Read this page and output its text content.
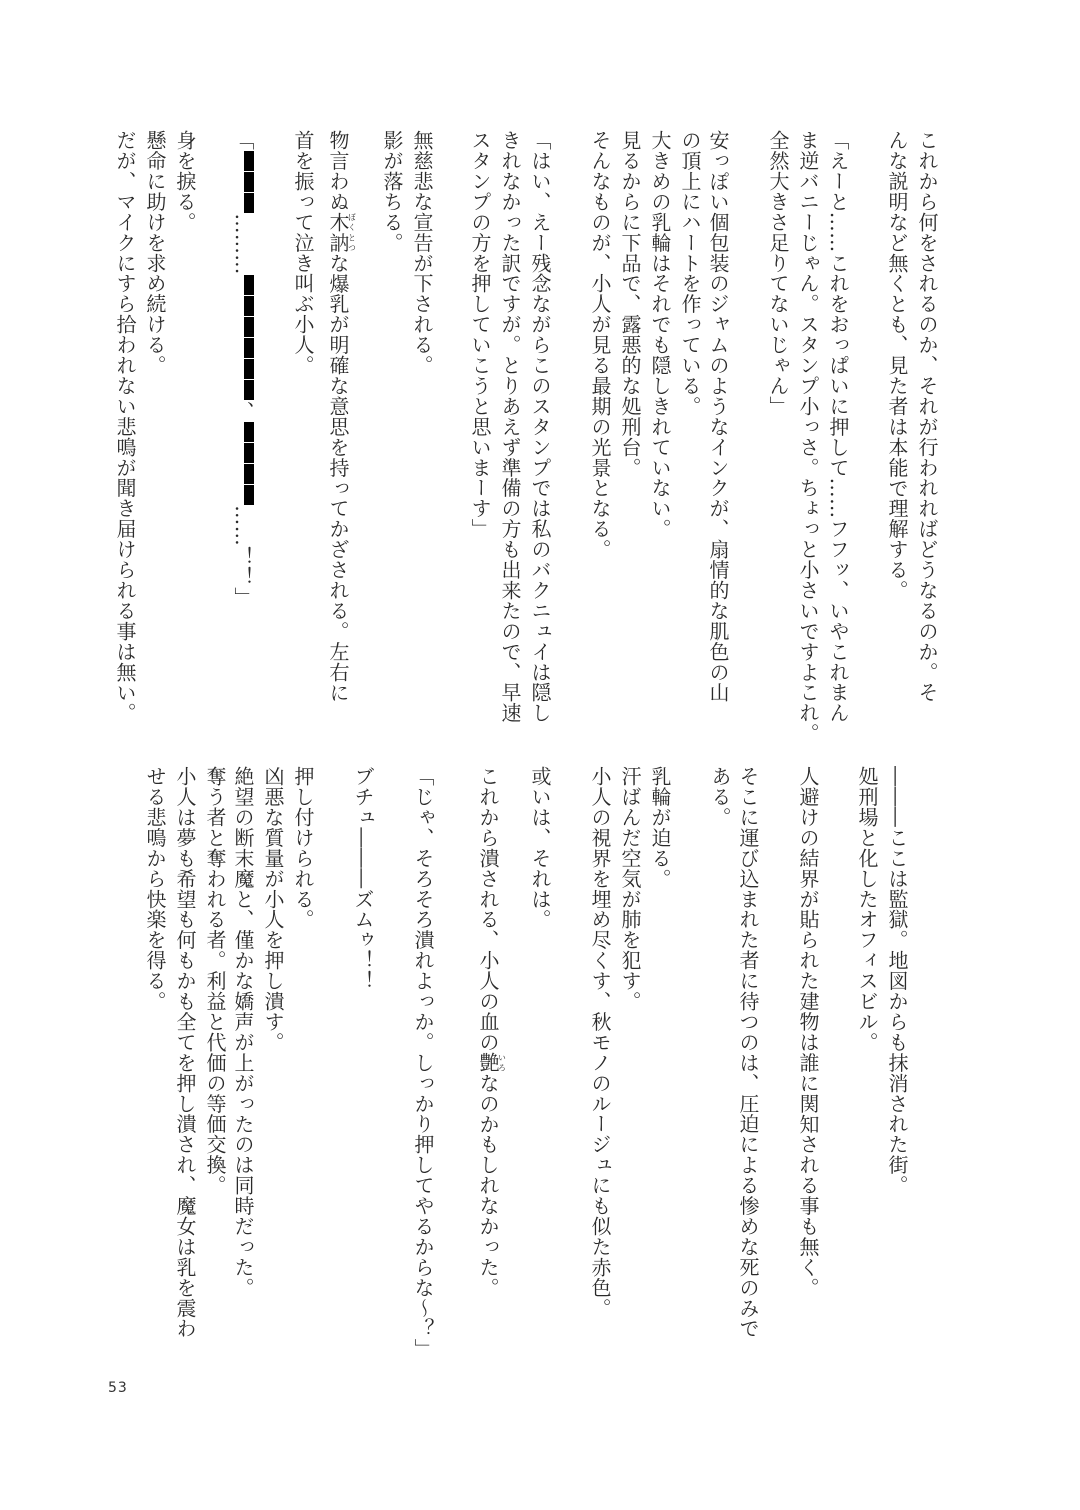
これから何をされるのか、それが行われればどうなるのか。そ
んな説明など無くとも、見た者は本能で理解する。
「えーと……これをおっぱいに押して……フフッ、いやこれまん
ま逆バニーじゃん。スタンプ小っさ。ちょっと小さいですよこれ。
全然大きさ足りてないじゃん」
安っぽい個包装のジャムのようなインクが、扇情的な肌色の山
の頂上にハートを作っている。
大きめの乳輪はそれでも隠しきれていない。
見るからに下品で、露悪的な処刑台。
そんなものが、小人が見る最期の光景となる。
「はい、えー残念ながらこのスタンプでは私のバクニュイは隠し
きれなかった訳ですが。とりあえず準備の方も出来たので、早速
スタンプの方を押していこうと思いまーす」
無慈悲な宣告が下される。
影が落ちる。
物言わぬ木訥ぼくとつな爆乳が明確な意思を持ってかざされる。左右に
首を振って泣き叫ぶ小人。
「………、……！！」
身を捩る。
懸命に助けを求め続ける。
だが、マイクにすら拾われない悲鳴が聞き届けられる事は無い。
―――ここは監獄。地図からも抹消された街。
処刑場と化したオフィスビル。
人避けの結界が貼られた建物は誰に関知される事も無く。
そこに運び込まれた者に待つのは、圧迫による惨めな死のみで
ある。
乳輪が迫る。
汗ばんだ空気が肺を犯す。
小人の視界を埋め尽くす、秋モノのルージュにも似た赤色。
或いは、それは。
これから潰される、小人の血の艶いろなのかもしれなかった。
「じゃ、そろそろ潰れよっか。しっかり押してやるからな～？」
ブチュ―――ズムゥ！！
押し付けられる。
凶悪な質量が小人を押し潰す。
絶望の断末魔と、僅かな嬌声が上がったのは同時だった。
奪う者と奪われる者。利益と代価の等価交換。
小人は夢も希望も何もかも全てを押し潰され、魔女は乳を震わ
せる悲鳴から快楽を得る。
53
